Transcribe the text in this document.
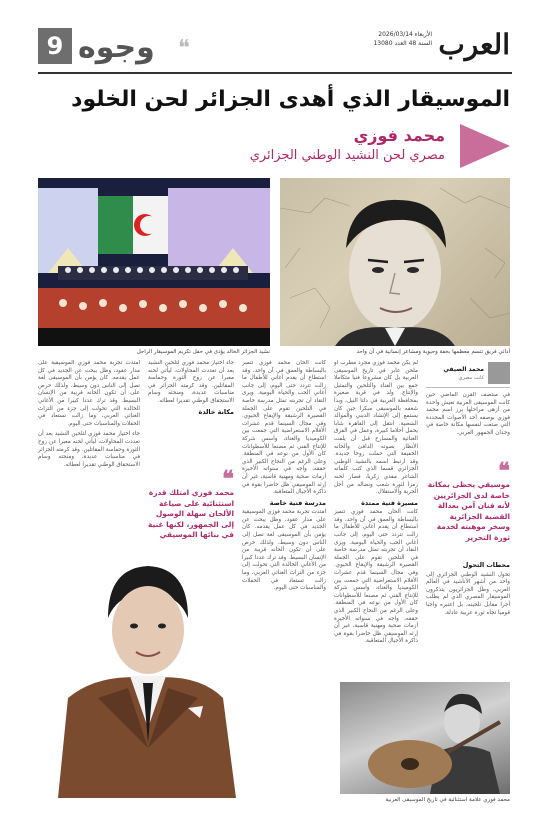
العرب
الأربعاء 2026/03/14
السنة 48 العدد 13080
❝
وجوه
9
الموسيقار الذي أهدى الجزائر لحن الخلود
محمد فوزي
مصري لحن النشيد الوطني الجزائري
أدائي فريق تتسم معظمها بخفة وحيوية ومشاعر إنسانية في آن واحد
نشيد الجزائر الخالد يؤدى في حفل تكريم الموسيقار الراحل
محمد الصيفي
كاتب مصري

في منتصف القرن الماضي حين كانت الموسيقى العربية تعيش واحدة من أزهى مراحلها برز اسم محمد فوزي بوصفه أحد الأصوات المجددة التي صنعت لنفسها مكانة خاصة في وجدان الجمهور العربي.

❝
موسيقي يحظى بمكانة خاصة لدى الجزائريين لأنه فنان آمن بعدالة القضية الجزائرية وسخر موهبته لخدمة ثورة التحرير
محطات التحول

تحول النشيد الوطني الجزائري إلى واحد من أشهر الأناشيد في العالم العربي، وظل الجزائريون يتذكرون الموسيقار المصري الذي لم يطلب أجرا مقابل تلحينه، بل اعتبره واجبا قوميا تجاه ثورة عربية عادلة.

لم يكن محمد فوزي مجرد مطرب أو ملحن عابر في تاريخ الموسيقى العربية بل كان مشروعا فنيا متكاملا جمع بين الغناء والتلحين والتمثيل والإنتاج. ولد في قرية صغيرة بمحافظة الغربية في دلتا النيل، وبدأ شغفه بالموسيقى مبكرا حين كان يستمع إلى الإنشاد الديني والموالد الشعبية. انتقل إلى القاهرة شابا يحمل أحلاما كبيرة، وعمل في الفرق الغنائية والمسارح قبل أن يلفت الأنظار بصوته الدافئ وألحانه الخفيفة التي حملت روحا جديدة. وقد ارتبط اسمه بالنشيد الوطني الجزائري قسما الذي كتب كلماته الشاعر مفدي زكريا، فصار لحنه رمزا لثورة شعب ونضاله من أجل الحرية والاستقلال.

مسيرة فنية ممتدة

كانت ألحان محمد فوزي تتميز بالبساطة والعمق في آن واحد، وقد استطاع أن يقدم أغاني للأطفال ما زالت تتردد حتى اليوم، إلى جانب أغاني الحب والحياة اليومية. ويرى النقاد أن تجربته تمثل مدرسة خاصة في التلحين تقوم على الجملة القصيرة الرشيقة والإيقاع الحيوي. وفي مجال السينما قدم عشرات الأفلام الاستعراضية التي جمعت بين الكوميديا والغناء، وأسس شركة للإنتاج الفني ثم مصنعا للأسطوانات كان الأول من نوعه في المنطقة. وعلى الرغم من النجاح الكبير الذي حققه، واجه في سنواته الأخيرة أزمات صحية ومهنية قاسية، غير أن إرثه الموسيقي ظل حاضرا بقوة في ذاكرة الأجيال المتعاقبة.

كانت ألحان محمد فوزي تتميز بالبساطة والعمق في آن واحد، وقد استطاع أن يقدم أغاني للأطفال ما زالت تتردد حتى اليوم، إلى جانب أغاني الحب والحياة اليومية. ويرى النقاد أن تجربته تمثل مدرسة خاصة في التلحين تقوم على الجملة القصيرة الرشيقة والإيقاع الحيوي. وفي مجال السينما قدم عشرات الأفلام الاستعراضية التي جمعت بين الكوميديا والغناء، وأسس شركة للإنتاج الفني ثم مصنعا للأسطوانات كان الأول من نوعه في المنطقة. وعلى الرغم من النجاح الكبير الذي حققه، واجه في سنواته الأخيرة أزمات صحية ومهنية قاسية، غير أن إرثه الموسيقي ظل حاضرا بقوة في ذاكرة الأجيال المتعاقبة.

مدرسة فنية خاصة

امتدت تجربة محمد فوزي الموسيقية على مدار عقود، وظل يبحث عن الجديد في كل عمل يقدمه. كان يؤمن بأن الموسيقى لغة تصل إلى الناس دون وسيط، ولذلك حرص على أن تكون ألحانه قريبة من الإنسان البسيط. وقد ترك عددا كبيرا من الأغاني الخالدة التي تحولت إلى جزء من التراث الغنائي العربي، وما زالت تستعاد في الحفلات والمناسبات حتى اليوم.

جاء اختيار محمد فوزي لتلحين النشيد بعد أن تعددت المحاولات، ليأتي لحنه معبرا عن روح الثورة وحماسة المقاتلين. وقد كرمته الجزائر في مناسبات عديدة، ومنحته وسام الاستحقاق الوطني تقديرا لعطائه.

مكانة خالدة
❝
محمد فوزي امتلك قدرة استثنائية على صياغة الألحان سهلة الوصول إلى الجمهور، لكنها غنية في بنائها الموسيقي

امتدت تجربة محمد فوزي الموسيقية على مدار عقود، وظل يبحث عن الجديد في كل عمل يقدمه. كان يؤمن بأن الموسيقى لغة تصل إلى الناس دون وسيط، ولذلك حرص على أن تكون ألحانه قريبة من الإنسان البسيط. وقد ترك عددا كبيرا من الأغاني الخالدة التي تحولت إلى جزء من التراث الغنائي العربي، وما زالت تستعاد في الحفلات والمناسبات حتى اليوم.

جاء اختيار محمد فوزي لتلحين النشيد بعد أن تعددت المحاولات، ليأتي لحنه معبرا عن روح الثورة وحماسة المقاتلين. وقد كرمته الجزائر في مناسبات عديدة، ومنحته وسام الاستحقاق الوطني تقديرا لعطائه.

محمد فوزي علامة استثنائية في تاريخ الموسيقى العربية
